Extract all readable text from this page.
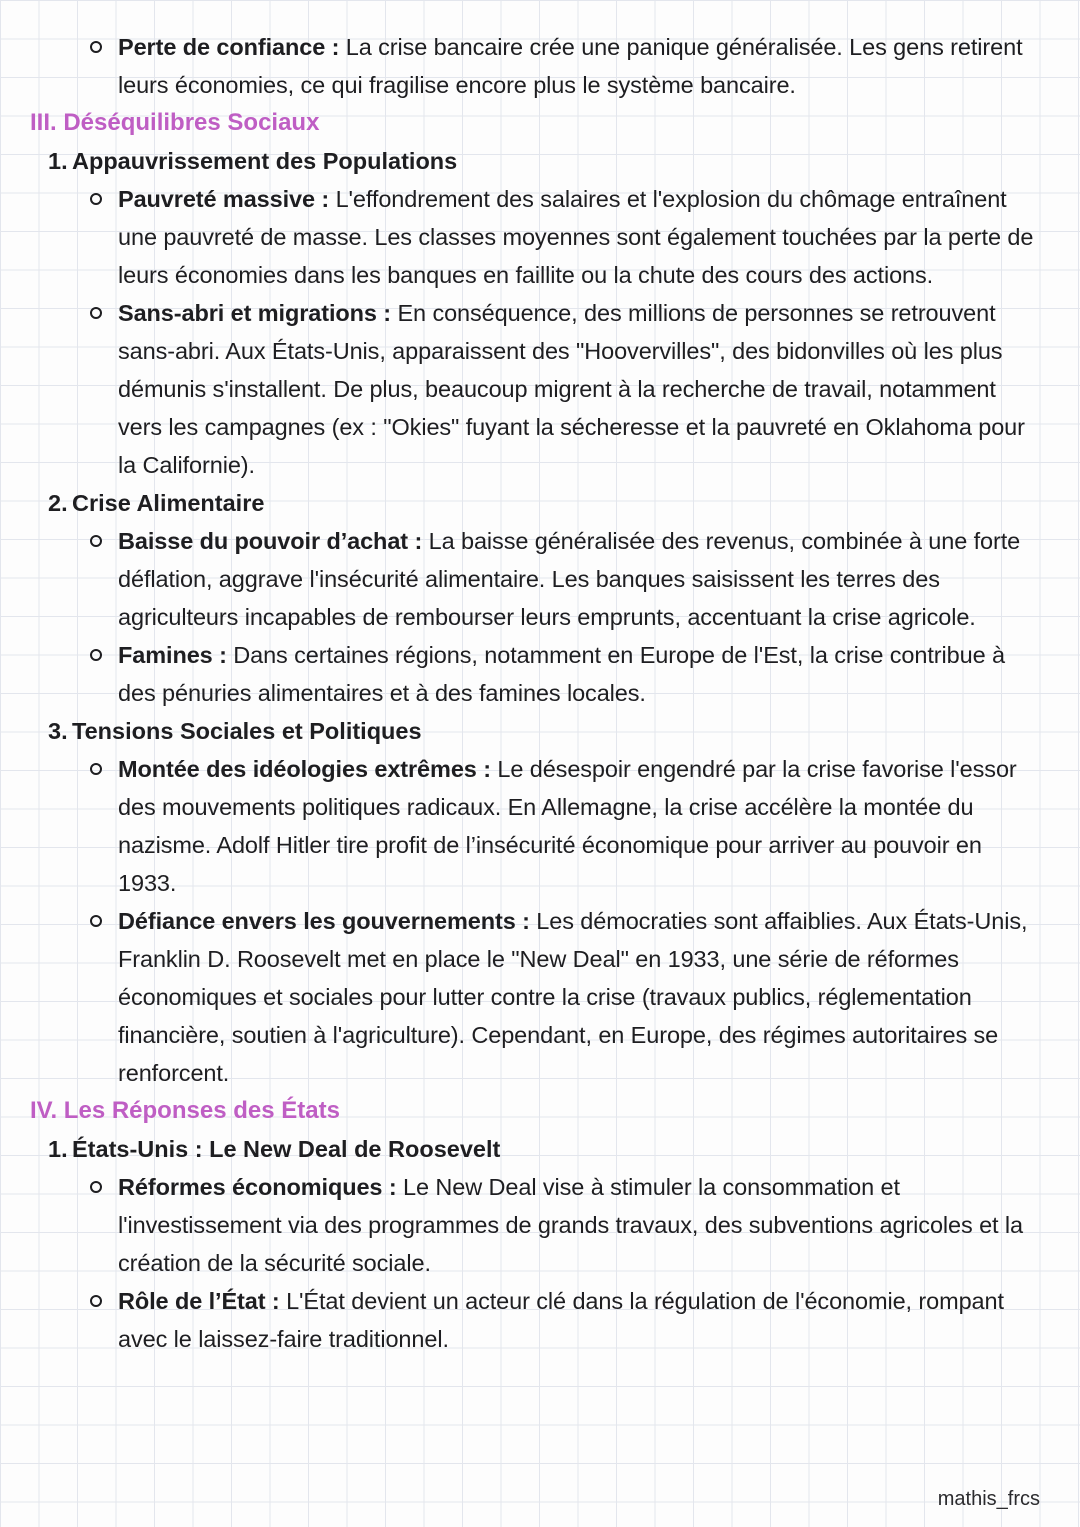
Perte de confiance : La crise bancaire crée une panique généralisée. Les gens retirent leurs économies, ce qui fragilise encore plus le système bancaire.

III. Déséquilibres Sociaux
1. Appauvrissement des Populations

Pauvreté massive : L'effondrement des salaires et l'explosion du chômage entraînent une pauvreté de masse. Les classes moyennes sont également touchées par la perte de leurs économies dans les banques en faillite ou la chute des cours des actions.

Sans-abri et migrations : En conséquence, des millions de personnes se retrouvent sans-abri. Aux États-Unis, apparaissent des "Hoovervilles", des bidonvilles où les plus démunis s'installent. De plus, beaucoup migrent à la recherche de travail, notamment vers les campagnes (ex : "Okies" fuyant la sécheresse et la pauvreté en Oklahoma pour la Californie).

2. Crise Alimentaire

Baisse du pouvoir d’achat : La baisse généralisée des revenus, combinée à une forte déflation, aggrave l'insécurité alimentaire. Les banques saisissent les terres des agriculteurs incapables de rembourser leurs emprunts, accentuant la crise agricole.

Famines : Dans certaines régions, notamment en Europe de l'Est, la crise contribue à des pénuries alimentaires et à des famines locales.

3. Tensions Sociales et Politiques

Montée des idéologies extrêmes : Le désespoir engendré par la crise favorise l'essor des mouvements politiques radicaux. En Allemagne, la crise accélère la montée du nazisme. Adolf Hitler tire profit de l’insécurité économique pour arriver au pouvoir en 1933.

Défiance envers les gouvernements : Les démocraties sont affaiblies. Aux États-Unis, Franklin D. Roosevelt met en place le "New Deal" en 1933, une série de réformes économiques et sociales pour lutter contre la crise (travaux publics, réglementation financière, soutien à l'agriculture). Cependant, en Europe, des régimes autoritaires se renforcent.

IV. Les Réponses des États
1. États-Unis : Le New Deal de Roosevelt

Réformes économiques : Le New Deal vise à stimuler la consommation et l'investissement via des programmes de grands travaux, des subventions agricoles et la création de la sécurité sociale.

Rôle de l’État : L'État devient un acteur clé dans la régulation de l'économie, rompant avec le laissez-faire traditionnel.

mathis_frcs
